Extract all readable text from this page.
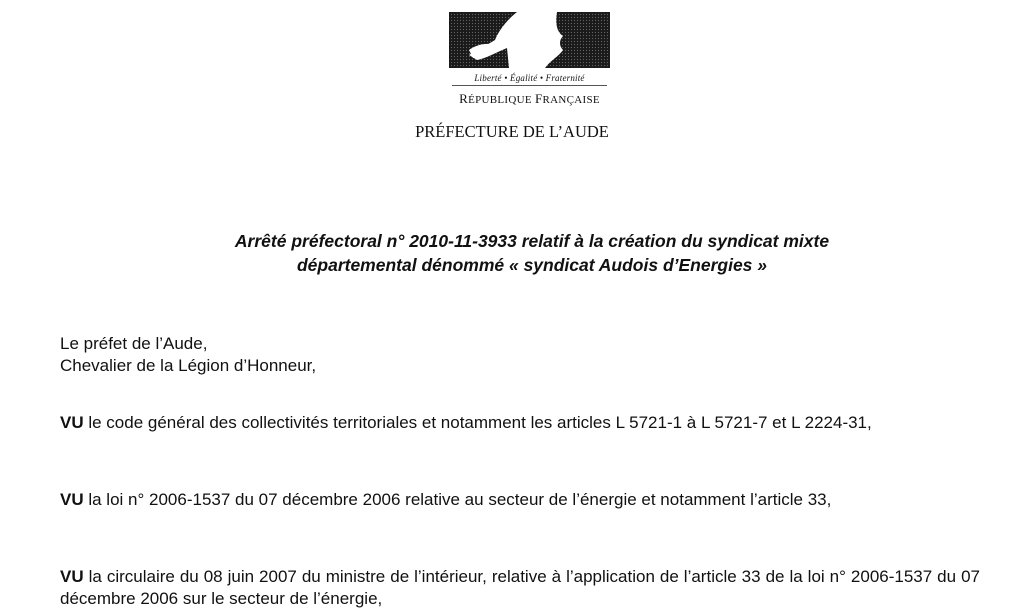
Liberté • Égalité • Fraternité
RÉPUBLIQUE FRANÇAISE
PRÉFECTURE DE L’AUDE
Arrêté préfectoral n° 2010-11-3933 relatif à la création du syndicat mixte
départemental dénommé « syndicat Audois d’Energies »
Le préfet de l’Aude,
Chevalier de la Légion d’Honneur,
VU le code général des collectivités territoriales et notamment les articles L 5721-1 à L 5721-7 et L 2224-31,
VU la loi n° 2006-1537 du 07 décembre 2006 relative au secteur de l’énergie et notamment l’article 33,
VU la circulaire du 08 juin 2007 du ministre de l’intérieur, relative à l’application de l’article 33 de la loi n° 2006-1537 du 07 décembre 2006 sur le secteur de l’énergie,
